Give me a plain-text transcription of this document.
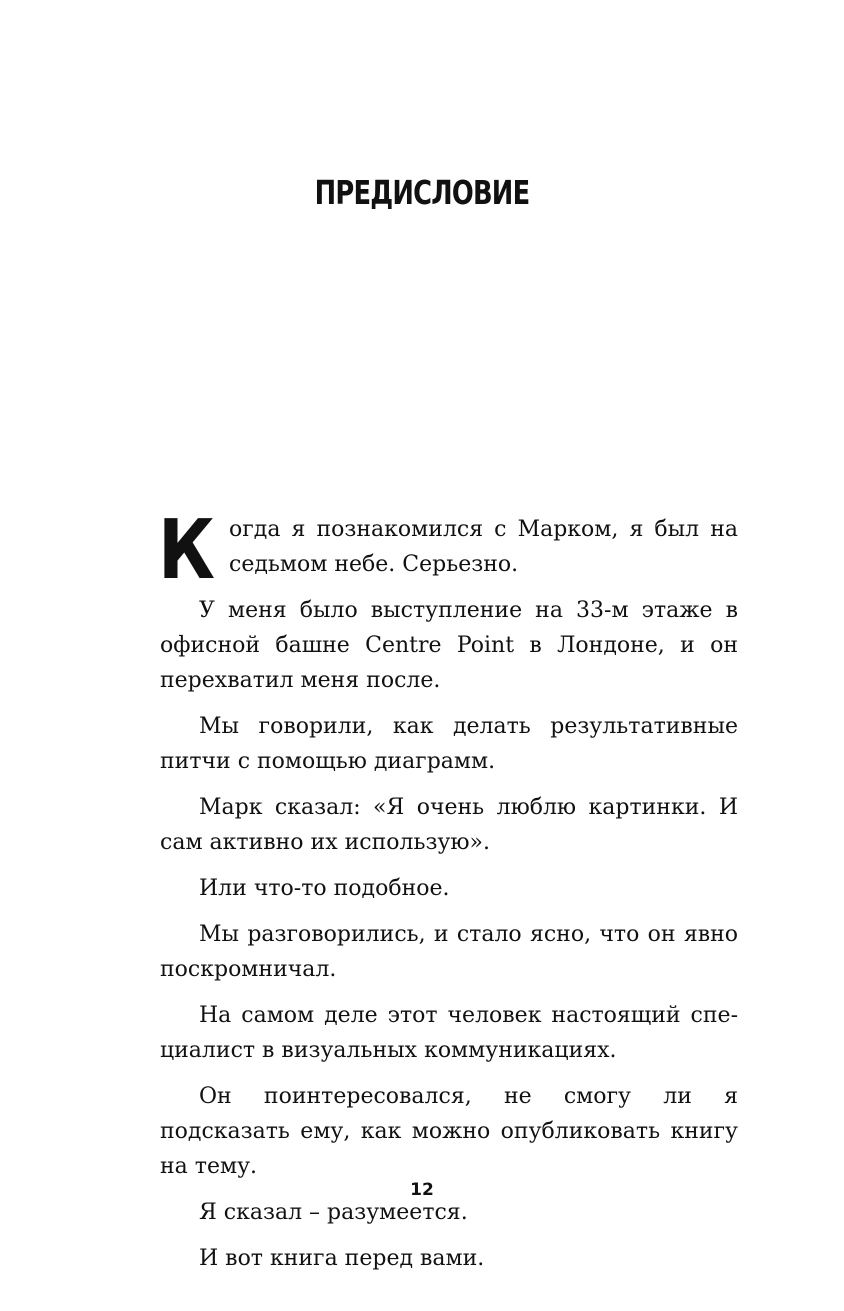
ПРЕДИСЛОВИЕ

Когда я познакомился с Марком, я был на седьмом небе. Серьезно.

У меня было выступление на 33-м этаже в офисной башне Centre Point в Лондоне, и он перехватил меня после.

Мы говорили, как делать результативные питчи с помощью диаграмм.

Марк сказал: «Я очень люблю картинки. И сам активно их использую».

Или что-то подобное.

Мы разговорились, и стало ясно, что он явно поскромничал.

На самом деле этот человек настоящий специалист в визуальных коммуникациях.

Он поинтересовался, не смогу ли я подсказать ему, как можно опубликовать книгу на тему.

Я сказал – разумеется.

И вот книга перед вами.

12
